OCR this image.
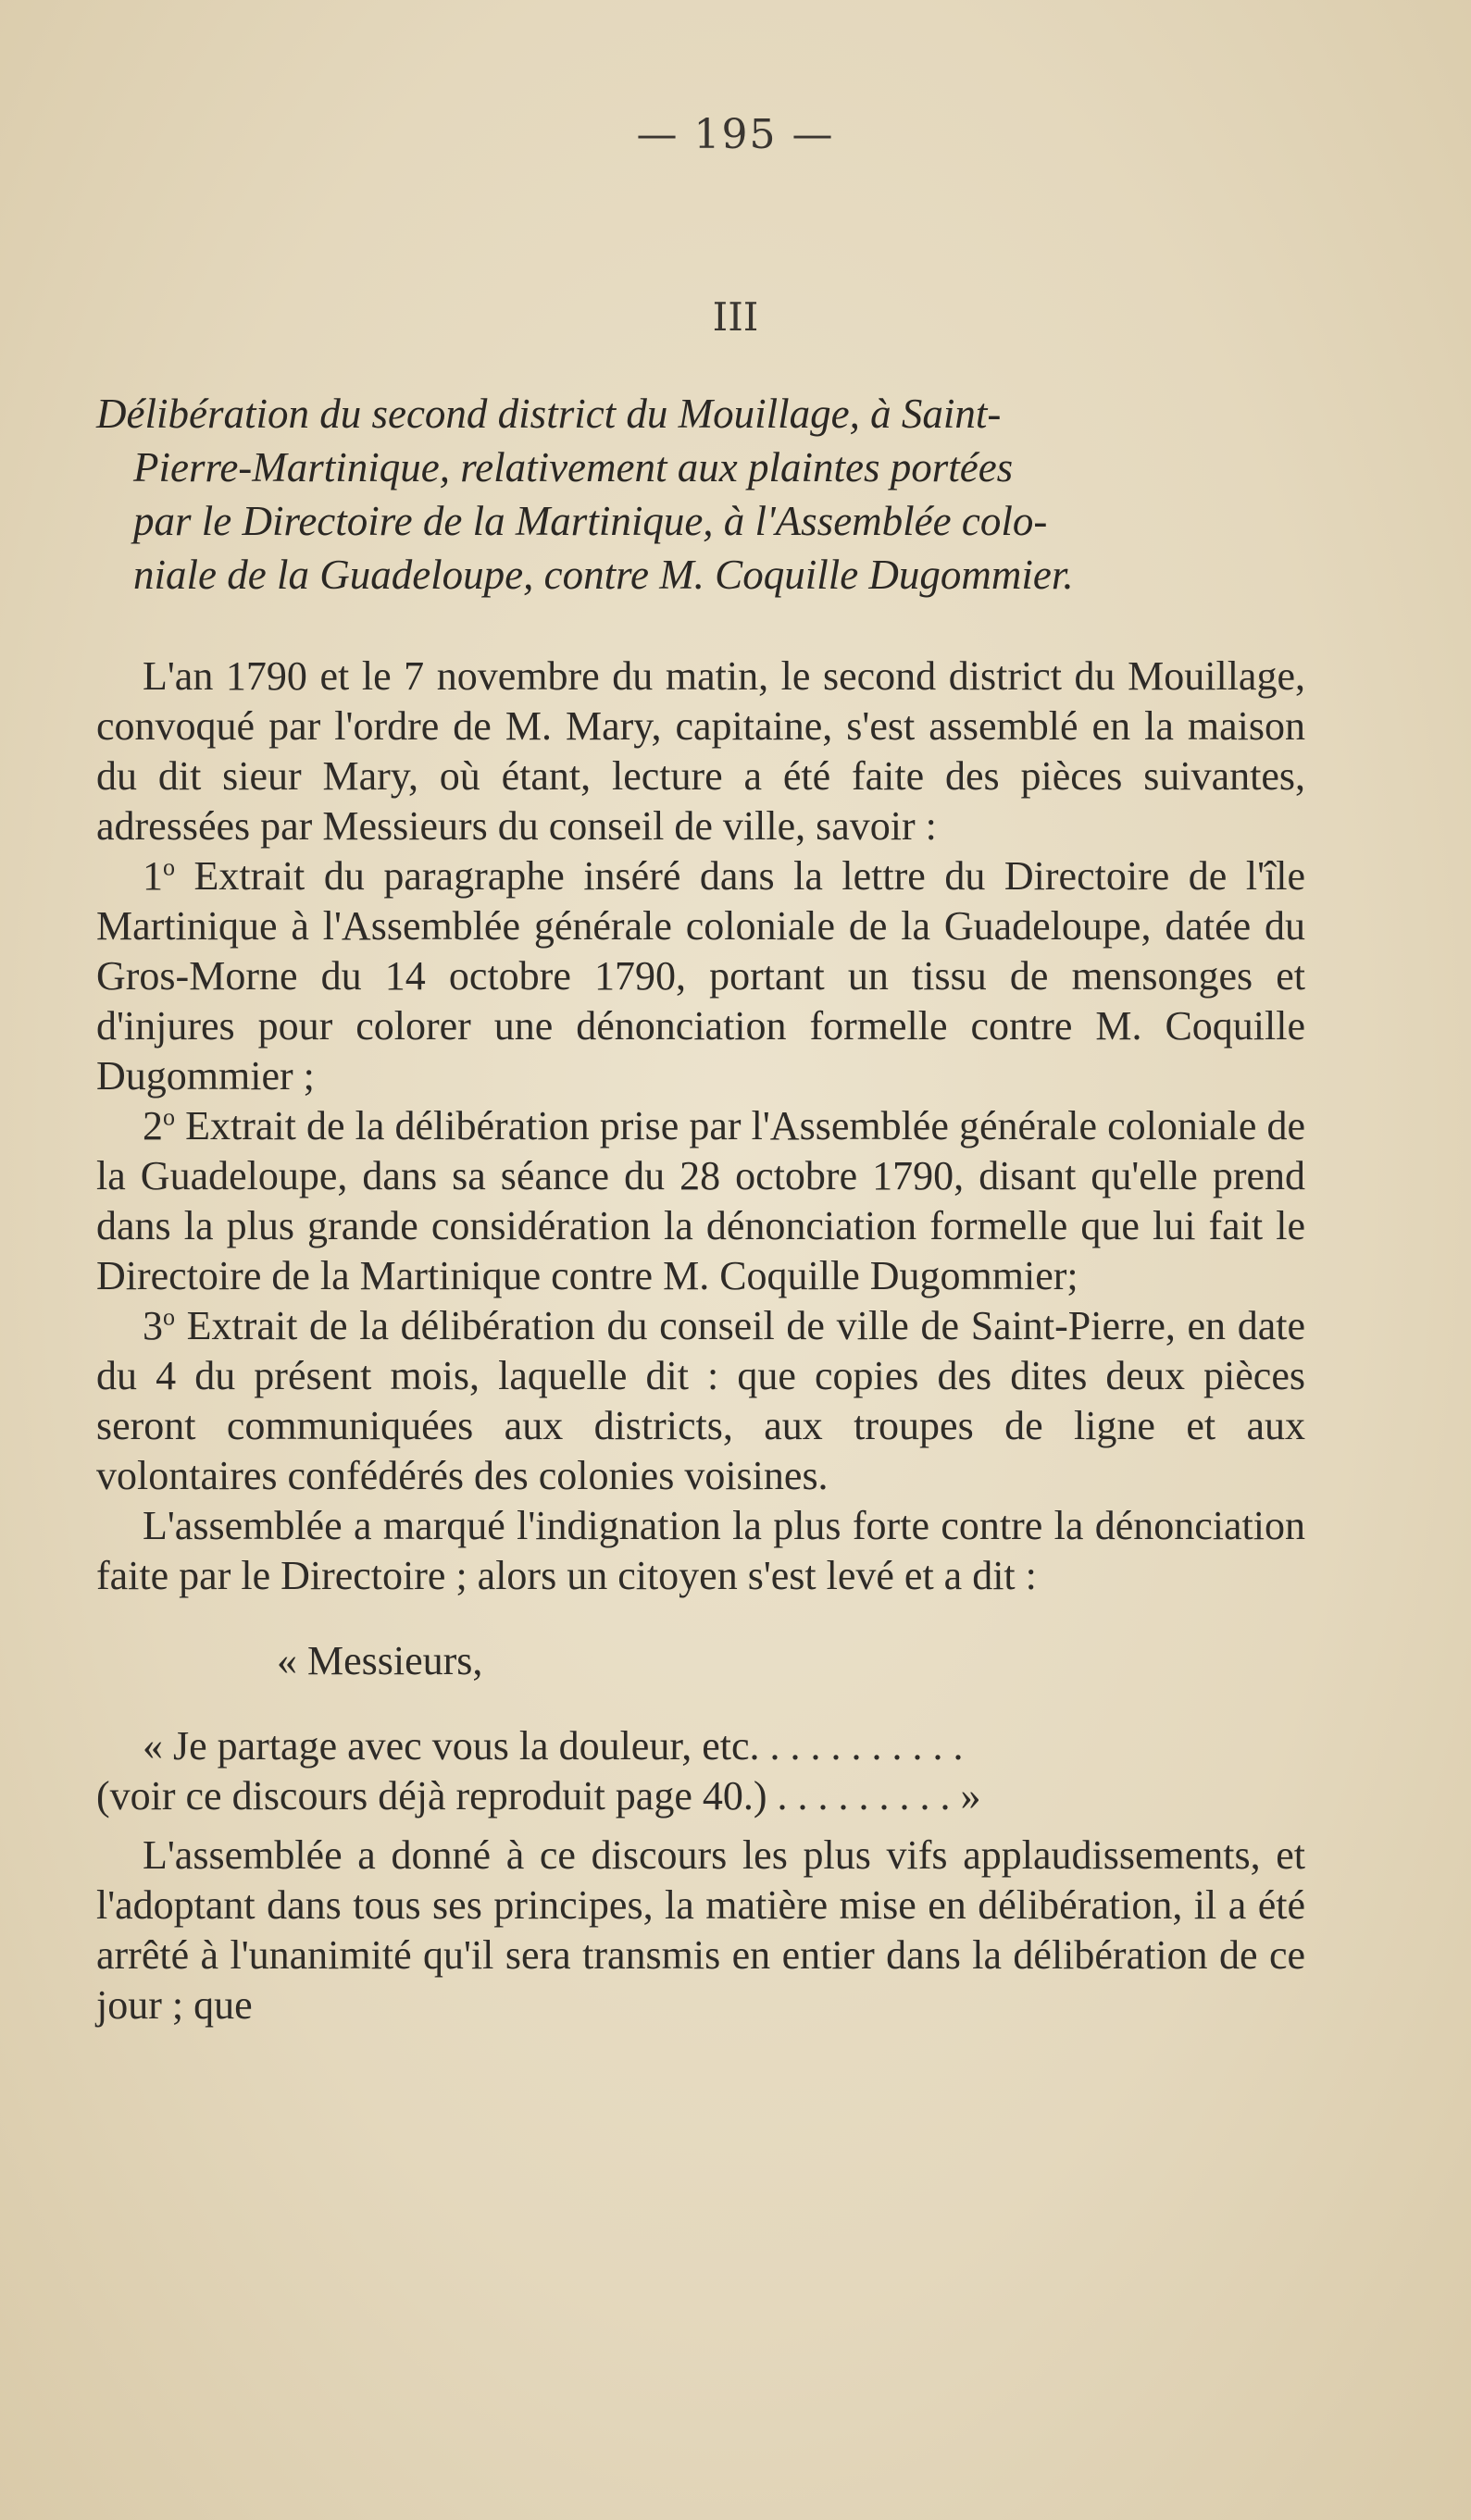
— 195 —
III
Délibération du second district du Mouillage, à Saint-
Pierre-Martinique, relativement aux plaintes portées
par le Directoire de la Martinique, à l'Assemblée colo-
niale de la Guadeloupe, contre M. Coquille Dugommier.

L'an 1790 et le 7 novembre du matin, le second district du Mouillage, convoqué par l'ordre de M. Mary, capitaine, s'est assemblé en la maison du dit sieur Mary, où étant, lecture a été faite des pièces suivantes, adressées par Messieurs du conseil de ville, savoir :

1$^o$ Extrait du paragraphe inséré dans la lettre du Directoire de l'île Martinique à l'Assemblée générale coloniale de la Guadeloupe, datée du Gros-Morne du 14 octobre 1790, portant un tissu de mensonges et d'injures pour colorer une dénonciation formelle contre M. Coquille Dugommier ;

2$^o$ Extrait de la délibération prise par l'Assemblée générale coloniale de la Guadeloupe, dans sa séance du 28 octobre 1790, disant qu'elle prend dans la plus grande considération la dénonciation formelle que lui fait le Directoire de la Martinique contre M. Coquille Dugommier;

3$^o$ Extrait de la délibération du conseil de ville de Saint-Pierre, en date du 4 du présent mois, laquelle dit : que copies des dites deux pièces seront communiquées aux districts, aux troupes de ligne et aux volontaires confédérés des colonies voisines.

L'assemblée a marqué l'indignation la plus forte contre la dénonciation faite par le Directoire ; alors un citoyen s'est levé et a dit :

« Messieurs,

« Je partage avec vous la douleur, etc. . . . . . . . . . .

(voir ce discours déjà reproduit page 40.) . . . . . . . . . »

L'assemblée a donné à ce discours les plus vifs applaudissements, et l'adoptant dans tous ses principes, la matière mise en délibération, il a été arrêté à l'unanimité qu'il sera transmis en entier dans la délibération de ce jour ; que
